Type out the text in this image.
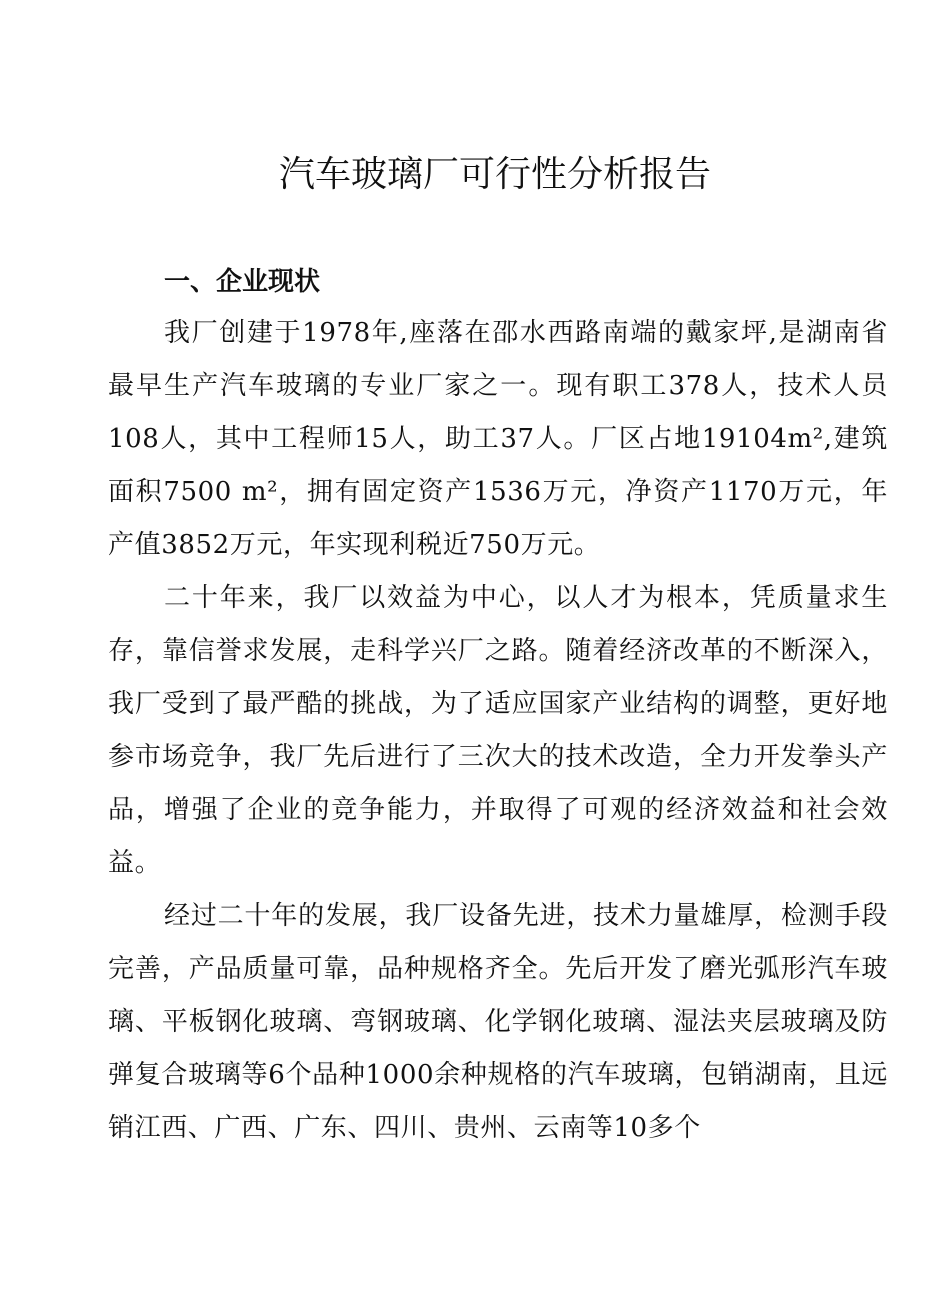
汽车玻璃厂可行性分析报告
一、企业现状

我厂创建于1978年,座落在邵水西路南端的戴家坪,是湖南省最早生产汽车玻璃的专业厂家之一。现有职工378人，技术人员108人，其中工程师15人，助工37人。厂区占地19104m²,建筑面积7500 m²，拥有固定资产1536万元，净资产1170万元，年产值3852万元，年实现利税近750万元。

二十年来，我厂以效益为中心，以人才为根本，凭质量求生存，靠信誉求发展，走科学兴厂之路。随着经济改革的不断深入，我厂受到了最严酷的挑战，为了适应国家产业结构的调整，更好地参市场竞争，我厂先后进行了三次大的技术改造，全力开发拳头产品，增强了企业的竞争能力，并取得了可观的经济效益和社会效益。

经过二十年的发展，我厂设备先进，技术力量雄厚，检测手段完善，产品质量可靠，品种规格齐全。先后开发了磨光弧形汽车玻璃、平板钢化玻璃、弯钢玻璃、化学钢化玻璃、湿法夹层玻璃及防弹复合玻璃等6个品种1000余种规格的汽车玻璃，包销湖南，且远销江西、广西、广东、四川、贵州、云南等10多个
